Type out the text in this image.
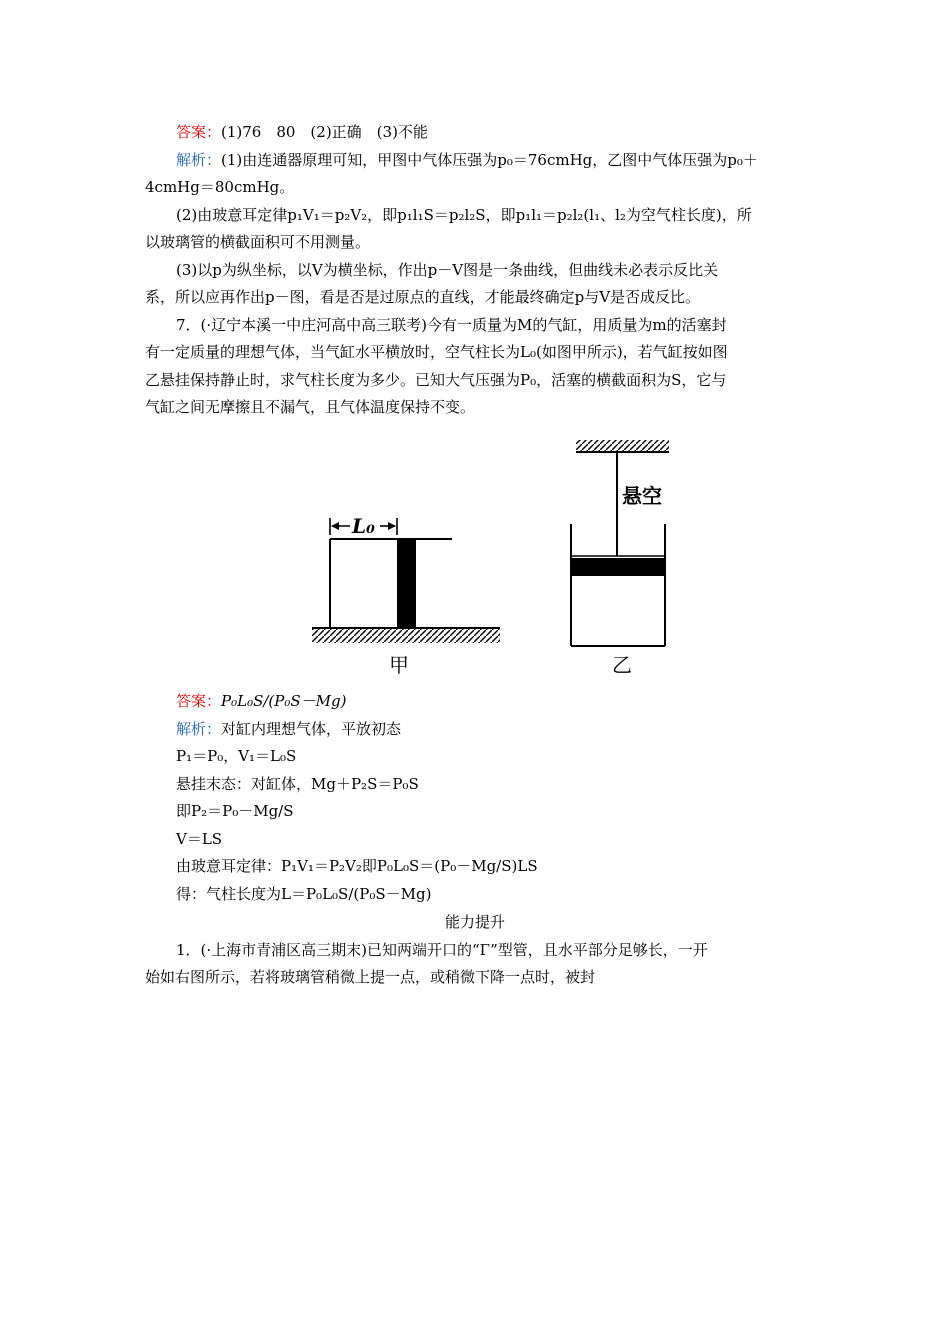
答案：(1)76　80　(2)正确　(3)不能
解析：(1)由连通器原理可知，甲图中气体压强为p₀＝76cmHg，乙图中气体压强为p₀＋
4cmHg＝80cmHg。
(2)由玻意耳定律p₁V₁＝p₂V₂，即p₁l₁S＝p₂l₂S，即p₁l₁＝p₂l₂(l₁、l₂为空气柱长度)，所
以玻璃管的横截面积可不用测量。
(3)以p为纵坐标，以V为横坐标，作出p－V图是一条曲线，但曲线未必表示反比关
系，所以应再作出p－图，看是否是过原点的直线，才能最终确定p与V是否成反比。
7．(·辽宁本溪一中庄河高中高三联考)今有一质量为M的气缸，用质量为m的活塞封
有一定质量的理想气体，当气缸水平横放时，空气柱长为L₀(如图甲所示)，若气缸按如图
乙悬挂保持静止时，求气柱长度为多少。已知大气压强为P₀，活塞的横截面积为S，它与
气缸之间无摩擦且不漏气，且气体温度保持不变。
L₀
甲
悬空
乙
答案：P₀L₀S/(P₀S－Mg)
解析：对缸内理想气体，平放初态
P₁＝P₀，V₁＝L₀S
悬挂末态：对缸体，Mg＋P₂S＝P₀S
即P₂＝P₀－Mg/S
V＝LS
由玻意耳定律：P₁V₁＝P₂V₂即P₀L₀S＝(P₀－Mg/S)LS
得：气柱长度为L＝P₀L₀S/(P₀S－Mg)
能力提升
1．(·上海市青浦区高三期末)已知两端开口的“Γ”型管，且水平部分足够长，一开
始如右图所示，若将玻璃管稍微上提一点，或稍微下降一点时，被封
